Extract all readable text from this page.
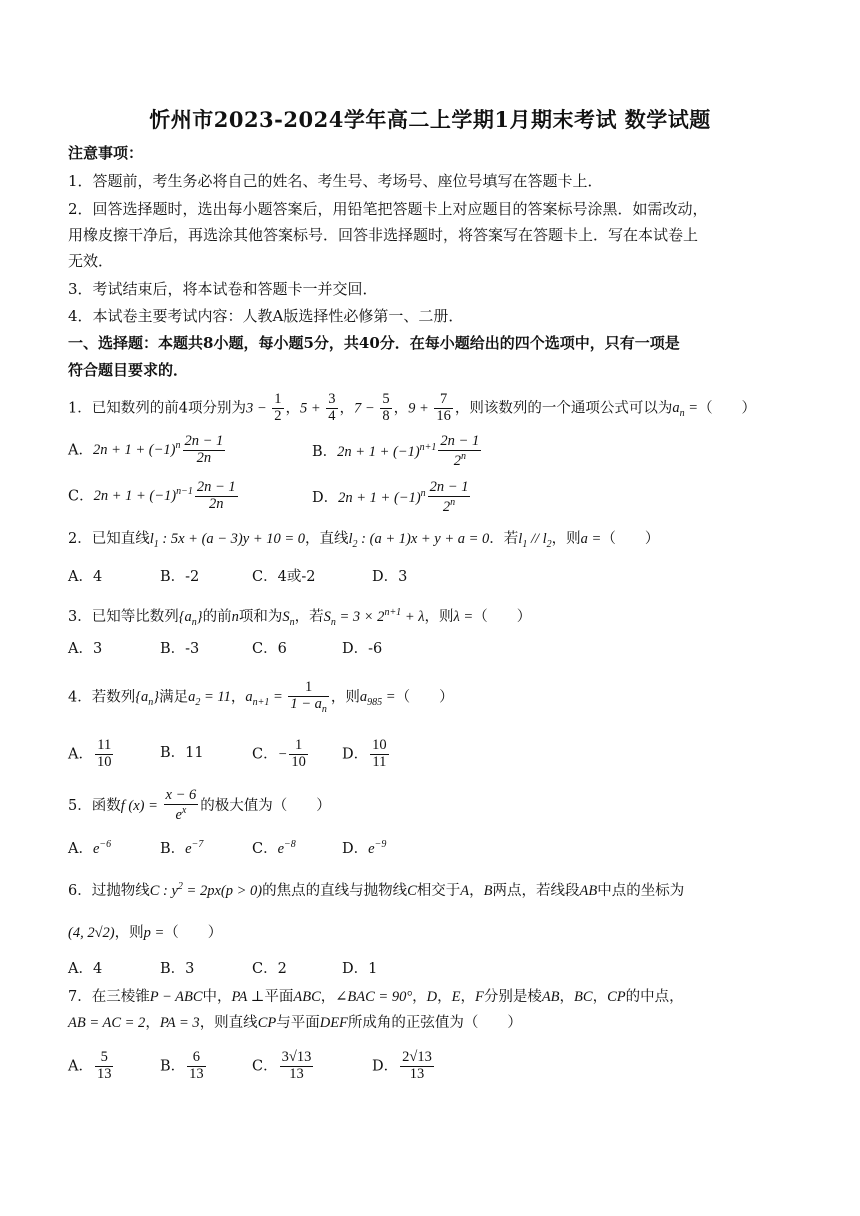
忻州市2023-2024学年高二上学期1月期末考试 数学试题
注意事项：
1．答题前，考生务必将自己的姓名、考生号、考场号、座位号填写在答题卡上．
2．回答选择题时，选出每小题答案后，用铅笔把答题卡上对应题目的答案标号涂黑．如需改动，
用橡皮擦干净后，再选涂其他答案标号．回答非选择题时，将答案写在答题卡上．写在本试卷上
无效．
3．考试结束后，将本试卷和答题卡一并交回．
4．本试卷主要考试内容：人教A版选择性必修第一、二册．
一、选择题：本题共8小题，每小题5分，共40分．在每小题给出的四个选项中，只有一项是
符合题目要求的．
1．已知数列的前4项分别为$3 - \frac{1}{2}$ ，$5 + \frac{3}{4}$ ，$7 - \frac{5}{8}$ ，$9 + \frac{7}{16}$ ，则该数列的一个通项公式可以为$a_n$ =（　　）
A．$2n + 1 + (-1)^n \frac{2n - 1}{2n}$	B．$2n + 1 + (-1)^{n+1} \frac{2n - 1}{2^n}$
C．$2n + 1 + (-1)^{n-1} \frac{2n - 1}{2n}$	D．$2n + 1 + (-1)^n \frac{2n - 1}{2^n}$
2．已知直线$l_1$ : 5x + (a − 3)y + 10 = 0，直线$l_2$ : (a + 1)x + y + a = 0．若$l_1 // l_2$，则a =（　　）
A．4	B．-2	C．4或-2	D．3
3．已知等比数列$\{a_n\}$的前n项和为$S_n$，若$S_n = 3 \times 2^{n+1} + \lambda$，则λ =（　　）
A．3	B．-3	C．6	D．-6
4．若数列$\{a_n\}$满足$a_2 = 11$，$a_{n+1} = \frac{1}{1 - a_n}$ ，则$a_{985}$ =（　　）
A． $\frac{11}{10}$	B．11	C．− $\frac{1}{10}$ D． $\frac{10}{11}$
5．函数f $(x) = \frac{x - 6}{e^x}$ 的极大值为（　　）
A．$e^{-6}$	B．$e^{-7}$	C．$e^{-8}$	D．$e^{-9}$
6．过抛物线C : $y^2 = 2px(p > 0)$的焦点的直线与抛物线C相交于A，B两点，若线段AB中点的坐标为
(4, 2√2)，则p =（　　）
A．4	B．3	C．2	D．1
7．在三棱锥P − ABC中，PA ⊥平面ABC，∠BAC = 90°，D，E，F分别是棱AB，BC，CP的中点，
AB = AC = 2，PA = 3，则直线CP与平面DEF所成角的正弦值为（　　）
A． $\frac{5}{13}$	B． $\frac{6}{13}$	C． $\frac{3√13}{13}$	D． $\frac{2√13}{13}$
